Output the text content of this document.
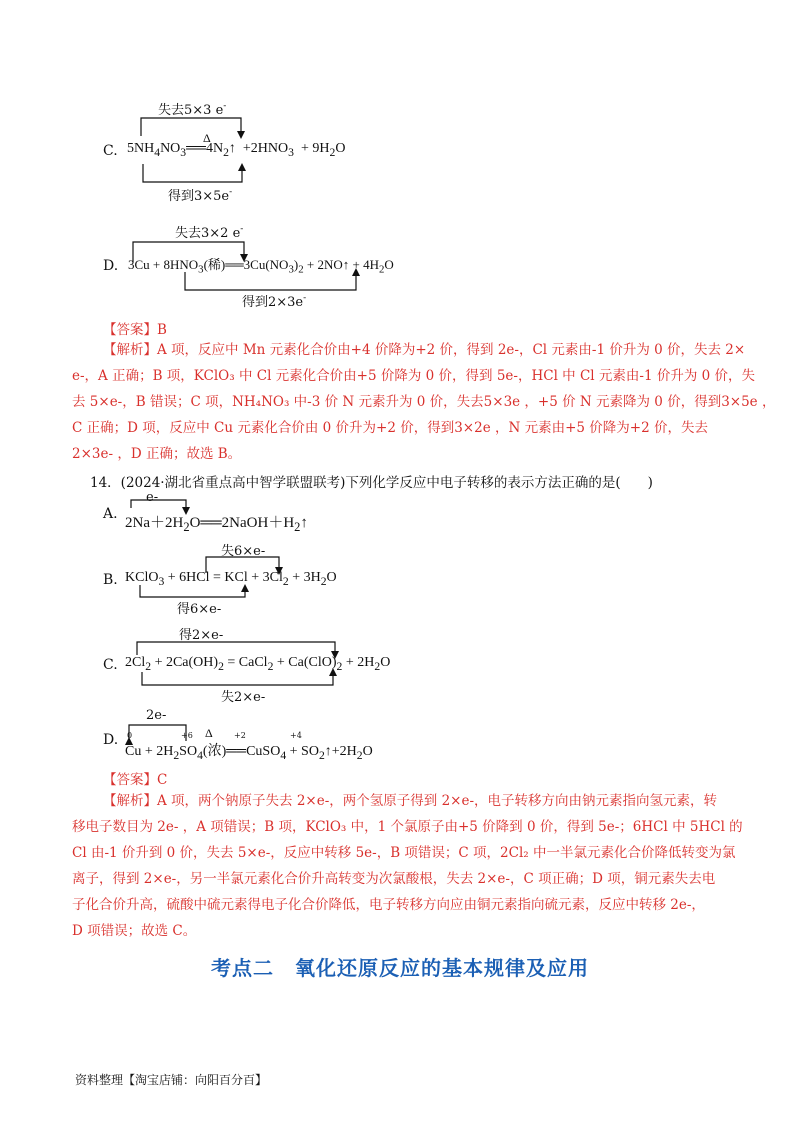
C.
失去5×3 e-
Δ
$5NH_4NO_3══4N_2↑ +2HNO_3 + 9H_2O$
得到3×5e-
失去3×2 e-
D. $3Cu + 8HNO_3$(稀)$══3Cu(NO_3)_2$ + 2NO↑ + $4H_2O$
得到2×3e-
【答案】B
【解析】A 项，反应中 Mn 元素化合价由+4 价降为+2 价，得到 2e-，Cl 元素由-1 价升为 0 价，失去 2×
e-，A 正确；B 项，KClO₃ 中 Cl 元素化合价由+5 价降为 0 价，得到 5e-，HCl 中 Cl 元素由-1 价升为 0 价，失
去 5×e-，B 错误；C 项，NH₄NO₃ 中-3 价 N 元素升为 0 价，失去5×3e ，+5 价 N 元素降为 0 价，得到3×5e ，
C 正确；D 项，反应中 Cu 元素化合价由 0 价升为+2 价，得到3×2e ，N 元素由+5 价降为+2 价，失去
2×3e- ，D 正确；故选 B。
14．(2024·湖北省重点高中智学联盟联考)下列化学反应中电子转移的表示方法正确的是(　　)
e-
A.
$2Na+2H_2O══2NaOH+H_2↑$
失6×e-
B. KClO$_3$ + 6HCl = KCl + $3Cl_2 + 3H_2O$
得6×e-
得2×e-
C. $2Cl_2 + 2Ca(OH)_2$ = CaCl$_2$ + $Ca(ClO)_2 + 2H_2O$
失2×e-
2e-
D.	Δ
$Cu + 2H_2SO_4$(浓)══CuSO$_4$ + $SO_2↑+2H_2O$
0	+6	+2	+4
【答案】C
【解析】A 项，两个钠原子失去 2×e-，两个氢原子得到 2×e-，电子转移方向由钠元素指向氢元素，转
移电子数目为 2e- ，A 项错误；B 项，KClO₃ 中，1 个氯原子由+5 价降到 0 价，得到 5e-；6HCl 中 5HCl 的
Cl 由-1 价升到 0 价，失去 5×e-，反应中转移 5e-，B 项错误；C 项，2Cl₂ 中一半氯元素化合价降低转变为氯
离子，得到 2×e-，另一半氯元素化合价升高转变为次氯酸根，失去 2×e-，C 项正确；D 项，铜元素失去电
子化合价升高，硫酸中硫元素得电子化合价降低，电子转移方向应由铜元素指向硫元素，反应中转移 2e-，
D 项错误；故选 C。
考点二　氧化还原反应的基本规律及应用
资料整理【淘宝店铺：向阳百分百】
